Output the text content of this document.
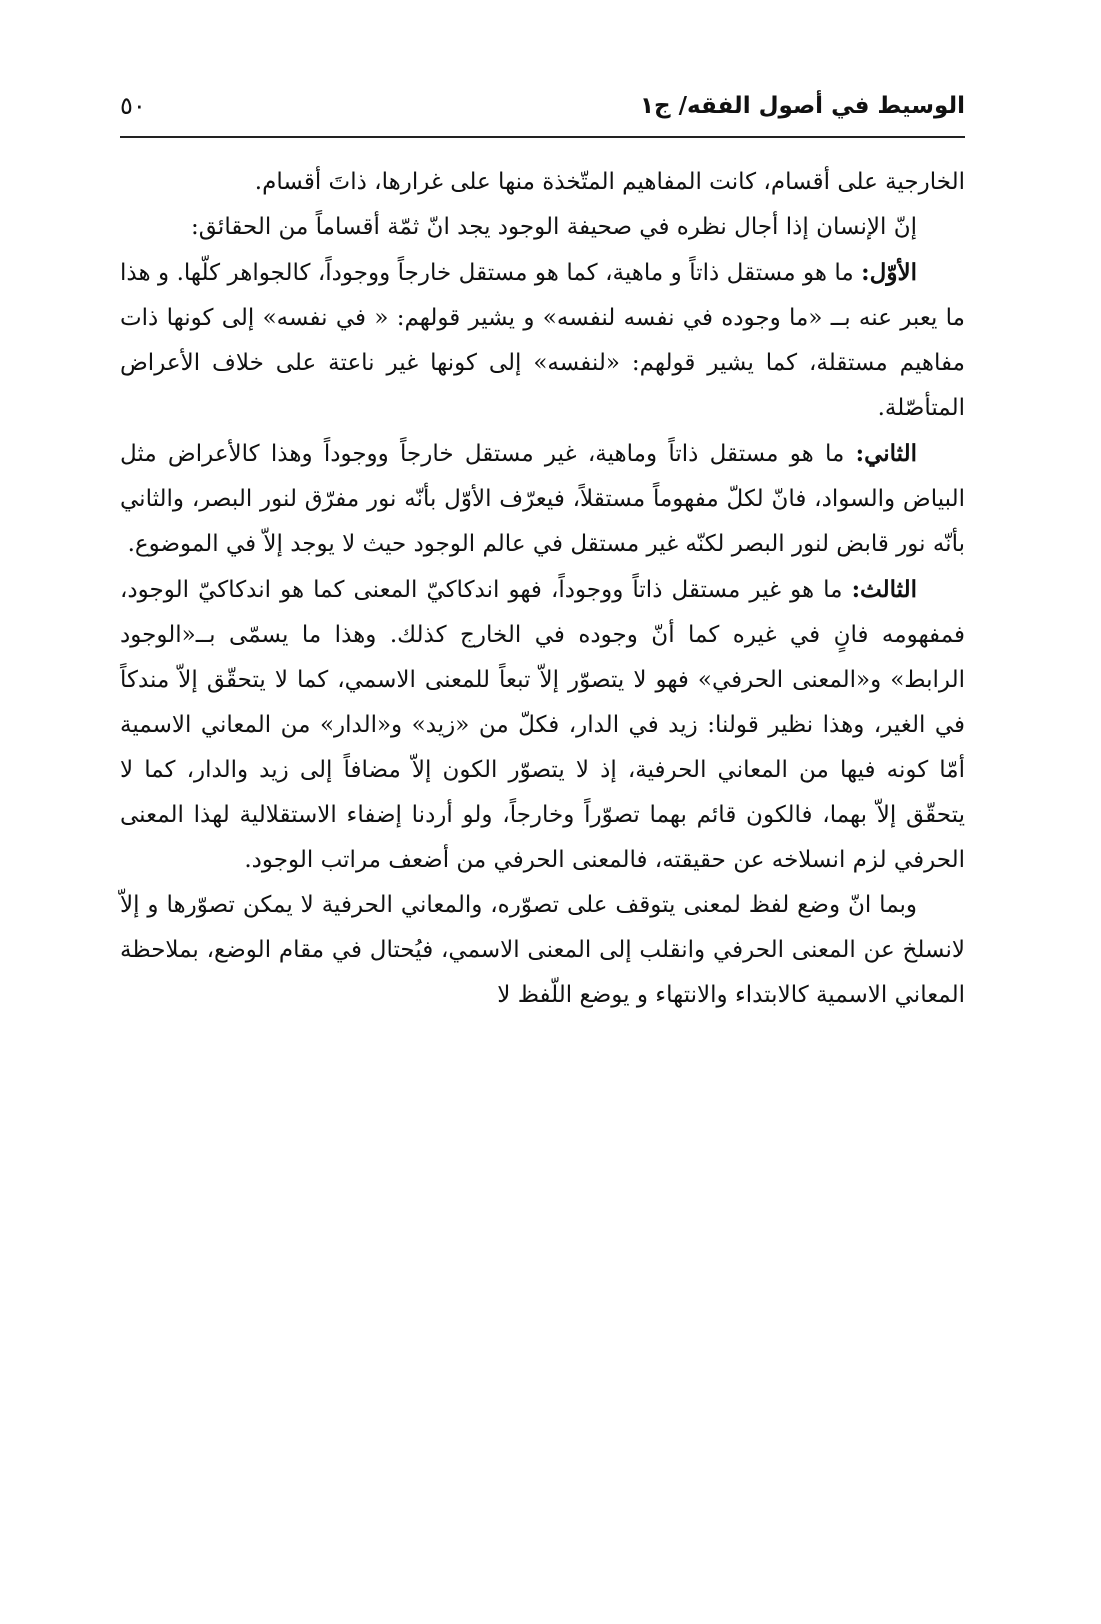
الوسيط في أصول الفقه/ ج١
٥٠

الخارجية على أقسام، كانت المفاهيم المتّخذة منها على غرارها، ذاتَ أقسام.

إنّ الإنسان إذا أجال نظره في صحيفة الوجود يجد انّ ثمّة أقساماً من الحقائق:

الأوّل: ما هو مستقل ذاتاً و ماهية، كما هو مستقل خارجاً ووجوداً، كالجواهر كلّها. و هذا ما يعبر عنه بــ «ما وجوده في نفسه لنفسه» و يشير قولهم: « في نفسه» إلى كونها ذات مفاهيم مستقلة، كما يشير قولهم: «لنفسه» إلى كونها غير ناعتة على خلاف الأعراض المتأصّلة.

الثاني: ما هو مستقل ذاتاً وماهية، غير مستقل خارجاً ووجوداً وهذا كالأعراض مثل البياض والسواد، فانّ لكلّ مفهوماً مستقلاً، فيعرّف الأوّل بأنّه نور مفرّق لنور البصر، والثاني بأنّه نور قابض لنور البصر لكنّه غير مستقل في عالم الوجود حيث لا يوجد إلاّ في الموضوع.

الثالث: ما هو غير مستقل ذاتاً ووجوداً، فهو اندكاكيّ المعنى كما هو اندكاكيّ الوجود، فمفهومه فانٍ في غيره كما أنّ وجوده في الخارج كذلك. وهذا ما يسمّى بــ«الوجود الرابط» و«المعنى الحرفي» فهو لا يتصوّر إلاّ تبعاً للمعنى الاسمي، كما لا يتحقّق إلاّ مندكاً في الغير، وهذا نظير قولنا: زيد في الدار، فكلّ من «زيد» و«الدار» من المعاني الاسمية أمّا كونه فيها من المعاني الحرفية، إذ لا يتصوّر الكون إلاّ مضافاً إلى زيد والدار، كما لا يتحقّق إلاّ بهما، فالكون قائم بهما تصوّراً وخارجاً، ولو أردنا إضفاء الاستقلالية لهذا المعنى الحرفي لزم انسلاخه عن حقيقته، فالمعنى الحرفي من أضعف مراتب الوجود.

وبما انّ وضع لفظ لمعنى يتوقف على تصوّره، والمعاني الحرفية لا يمكن تصوّرها و إلاّ لانسلخ عن المعنى الحرفي وانقلب إلى المعنى الاسمي، فيُحتال في مقام الوضع، بملاحظة المعاني الاسمية كالابتداء والانتهاء و يوضع اللّفظ لا
